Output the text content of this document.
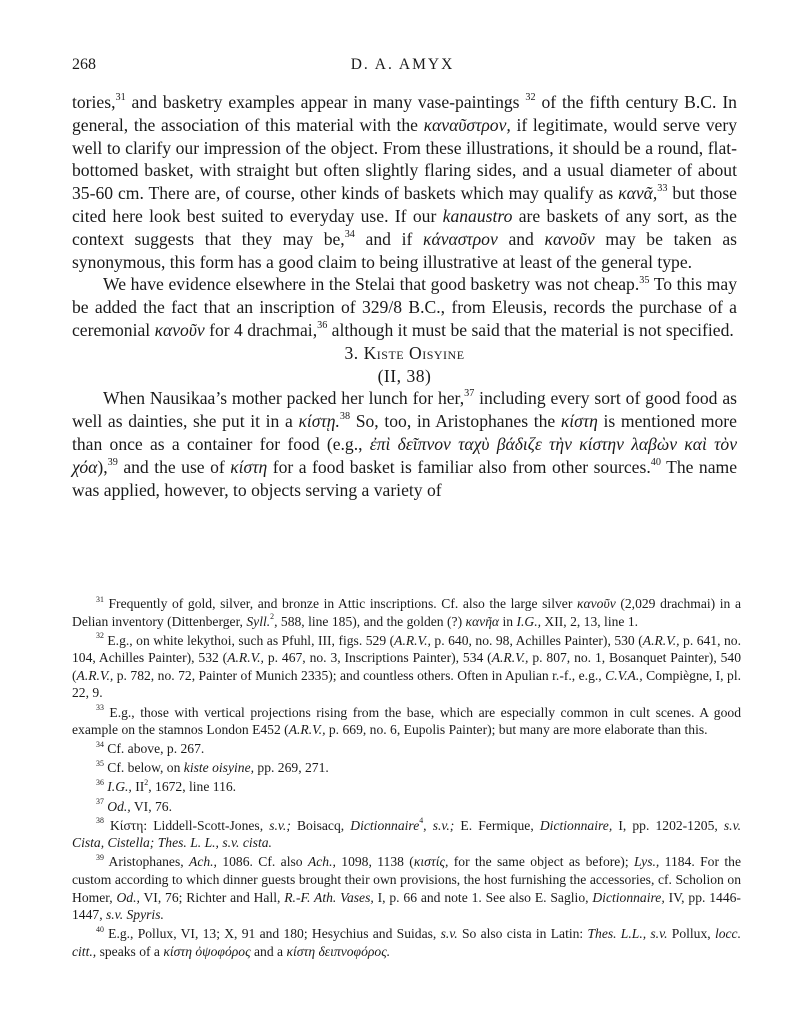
268	D. A. AMYX

tories,$^{31}$ and basketry examples appear in many vase-paintings $^{32}$ of the fifth century B.C. In general, the association of this material with the καναῦστρον, if legitimate, would serve very well to clarify our impression of the object. From these illustrations, it should be a round, flat-bottomed basket, with straight but often slightly flaring sides, and a usual diameter of about 35-60 cm. There are, of course, other kinds of baskets which may qualify as κανᾶ,$^{33}$ but those cited here look best suited to everyday use. If our kanaustro are baskets of any sort, as the context suggests that they may be,$^{34}$ and if κάναστρον and κανοῦν may be taken as synonymous, this form has a good claim to being illustrative at least of the general type.

We have evidence elsewhere in the Stelai that good basketry was not cheap.$^{35}$ To this may be added the fact that an inscription of 329/8 B.C., from Eleusis, records the purchase of a ceremonial κανοῦν for 4 drachmai,$^{36}$ although it must be said that the material is not specified.

3. Kiste Oisyine

(II, 38)

When Nausikaa’s mother packed her lunch for her,$^{37}$ including every sort of good food as well as dainties, she put it in a κίστῃ.$^{38}$ So, too, in Aristophanes the κίστη is mentioned more than once as a container for food (e.g., ἐπὶ δεῖπνον ταχὺ βάδιζε τὴν κίστην λαβὼν καὶ τὸν χόα),$^{39}$ and the use of κίστη for a food basket is familiar also from other sources.$^{40}$ The name was applied, however, to objects serving a variety of

$^{31}$ Frequently of gold, silver, and bronze in Attic inscriptions. Cf. also the large silver κανοῦν (2,029 drachmai) in a Delian inventory (Dittenberger, Syll.$^2$, 588, line 185), and the golden (?) κανῆα in I.G., XII, 2, 13, line 1.

$^{32}$ E.g., on white lekythoi, such as Pfuhl, III, figs. 529 (A.R.V., p. 640, no. 98, Achilles Painter), 530 (A.R.V., p. 641, no. 104, Achilles Painter), 532 (A.R.V., p. 467, no. 3, Inscriptions Painter), 534 (A.R.V., p. 807, no. 1, Bosanquet Painter), 540 (A.R.V., p. 782, no. 72, Painter of Munich 2335); and countless others. Often in Apulian r.-f., e.g., C.V.A., Compiègne, I, pl. 22, 9.

$^{33}$ E.g., those with vertical projections rising from the base, which are especially common in cult scenes. A good example on the stamnos London E452 (A.R.V., p. 669, no. 6, Eupolis Painter); but many are more elaborate than this.

$^{34}$ Cf. above, p. 267.

$^{35}$ Cf. below, on kiste oisyine, pp. 269, 271.

$^{36}$ I.G., $II^2$, 1672, line 116.

$^{37}$ Od., VI, 76.

$^{38}$ Κίστη: Liddell-Scott-Jones, s.v.; Boisacq, Dictionnaire$^4$, s.v.; E. Fermique, Dictionnaire, I, pp. 1202-1205, s.v. Cista, Cistella; Thes. L. L., s.v. cista.

$^{39}$ Aristophanes, Ach., 1086. Cf. also Ach., 1098, 1138 (κιστίς, for the same object as before); Lys., 1184. For the custom according to which dinner guests brought their own provisions, the host furnishing the accessories, cf. Scholion on Homer, Od., VI, 76; Richter and Hall, R.-F. Ath. Vases, I, p. 66 and note 1. See also E. Saglio, Dictionnaire, IV, pp. 1446-1447, s.v. Spyris.

$^{40}$ E.g., Pollux, VI, 13; X, 91 and 180; Hesychius and Suidas, s.v. So also cista in Latin: Thes. L.L., s.v. Pollux, locc. citt., speaks of a κίστη ὀψοφόρος and a κίστη δειπνοφόρος.
